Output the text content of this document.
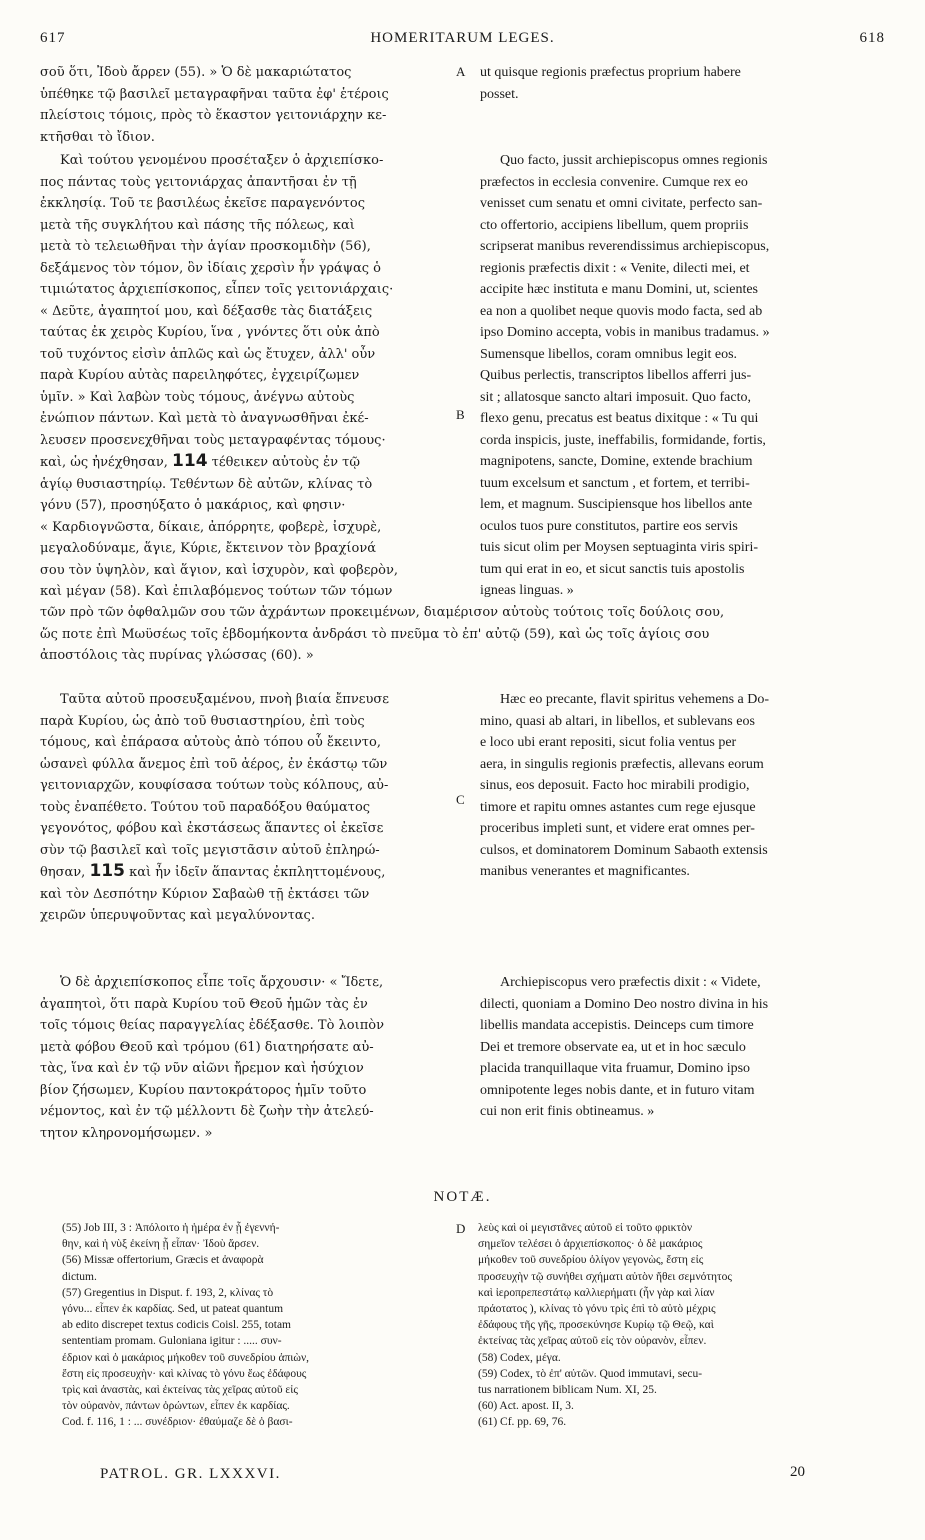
617	HOMERITARUM LEGES.	618
A
B
C
D
σοῦ ὅτι, Ἰδοὺ ἄρρεν (55). » Ὁ δὲ μακαριώτατος
ὑπέθηκε τῷ βασιλεῖ μεταγραφῆναι ταῦτα ἐφ' ἑτέροις
πλείστοις τόμοις, πρὸς τὸ ἕκαστον γειτονιάρχην κε-
κτῆσθαι τὸ ἴδιον.
ut quisque regionis præfectus proprium habere
posset.
Καὶ τούτου γενομένου προσέταξεν ὁ ἀρχιεπίσκο-
πος πάντας τοὺς γειτονιάρχας ἀπαντῆσαι ἐν τῇ
ἐκκλησίᾳ. Τοῦ τε βασιλέως ἐκεῖσε παραγενόντος
μετὰ τῆς συγκλήτου καὶ πάσης τῆς πόλεως, καὶ
μετὰ τὸ τελειωθῆναι τὴν ἁγίαν προσκομιδὴν (56),
δεξάμενος τὸν τόμον, ὃν ἰδίαις χερσὶν ἦν γράψας ὁ
τιμιώτατος ἀρχιεπίσκοπος, εἶπεν τοῖς γειτονιάρχαις·
« Δεῦτε, ἀγαπητοί μου, καὶ δέξασθε τὰς διατάξεις
ταύτας ἐκ χειρὸς Κυρίου, ἵνα , γνόντες ὅτι οὐκ ἀπὸ
τοῦ τυχόντος εἰσὶν ἁπλῶς καὶ ὡς ἔτυχεν, ἀλλ' οὖν
παρὰ Κυρίου αὐτὰς παρειληφότες, ἐγχειρίζωμεν
ὑμῖν. » Καὶ λαβὼν τοὺς τόμους, ἀνέγνω αὐτοὺς
ἐνώπιον πάντων. Καὶ μετὰ τὸ ἀναγνωσθῆναι ἐκέ-
λευσεν προσενεχθῆναι τοὺς μεταγραφέντας τόμους·
καὶ, ὡς ἠνέχθησαν, 114 τέθεικεν αὐτοὺς ἐν τῷ
ἁγίῳ θυσιαστηρίῳ. Τεθέντων δὲ αὐτῶν, κλίνας τὸ
γόνυ (57), προσηύξατο ὁ μακάριος, καὶ φησιν·
« Καρδιογνῶστα, δίκαιε, ἀπόρρητε, φοβερὲ, ἰσχυρὲ,
μεγαλοδύναμε, ἅγιε, Κύριε, ἔκτεινον τὸν βραχίονά
σου τὸν ὑψηλὸν, καὶ ἅγιον, καὶ ἰσχυρὸν, καὶ φοβερὸν,
καὶ μέγαν (58). Καὶ ἐπιλαβόμενος τούτων τῶν τόμων
Quo facto, jussit archiepiscopus omnes regionis
præfectos in ecclesia convenire. Cumque rex eo
venisset cum senatu et omni civitate, perfecto san-
cto offertorio, accipiens libellum, quem propriis
scripserat manibus reverendissimus archiepiscopus,
regionis præfectis dixit : « Venite, dilecti mei, et
accipite hæc instituta e manu Domini, ut, scientes
ea non a quolibet neque quovis modo facta, sed ab
ipso Domino accepta, vobis in manibus tradamus. »
Sumensque libellos, coram omnibus legit eos.
Quibus perlectis, transcriptos libellos afferri jus-
sit ; allatosque sancto altari imposuit. Quo facto,
flexo genu, precatus est beatus dixitque : « Tu qui
corda inspicis, juste, ineffabilis, formidande, fortis,
magnipotens, sancte, Domine, extende brachium
tuum excelsum et sanctum , et fortem, et terribi-
lem, et magnum. Suscipiensque hos libellos ante
oculos tuos pure constitutos, partire eos servis
tuis sicut olim per Moysen septuaginta viris spiri-
tum qui erat in eo, et sicut sanctis tuis apostolis
igneas linguas. »
τῶν πρὸ τῶν ὀφθαλμῶν σου τῶν ἀχράντων προκειμένων, διαμέρισον αὐτοὺς τούτοις τοῖς δούλοις σου,
ὥς ποτε ἐπὶ Μωϋσέως τοῖς ἑβδομήκοντα ἀνδράσι τὸ πνεῦμα τὸ ἐπ' αὐτῷ (59), καὶ ὡς τοῖς ἁγίοις σου
ἀποστόλοις τὰς πυρίνας γλώσσας (60). »
Ταῦτα αὐτοῦ προσευξαμένου, πνοὴ βιαία ἔπνευσε
παρὰ Κυρίου, ὡς ἀπὸ τοῦ θυσιαστηρίου, ἐπὶ τοὺς
τόμους, καὶ ἐπάρασα αὐτοὺς ἀπὸ τόπου οὗ ἔκειντο,
ὡσανεὶ φύλλα ἄνεμος ἐπὶ τοῦ ἀέρος, ἐν ἑκάστῳ τῶν
γειτονιαρχῶν, κουφίσασα τούτων τοὺς κόλπους, αὐ-
τοὺς ἐναπέθετο. Τούτου τοῦ παραδόξου θαύματος
γεγονότος, φόβου καὶ ἐκστάσεως ἅπαντες οἱ ἐκεῖσε
σὺν τῷ βασιλεῖ καὶ τοῖς μεγιστᾶσιν αὐτοῦ ἐπληρώ-
θησαν, 115 καὶ ἦν ἰδεῖν ἅπαντας ἐκπληττομένους,
καὶ τὸν Δεσπότην Κύριον Σαβαὼθ τῇ ἐκτάσει τῶν
χειρῶν ὑπερυψοῦντας καὶ μεγαλύνοντας.
Hæc eo precante, flavit spiritus vehemens a Do-
mino, quasi ab altari, in libellos, et sublevans eos
e loco ubi erant repositi, sicut folia ventus per
aera, in singulis regionis præfectis, allevans eorum
sinus, eos deposuit. Facto hoc mirabili prodigio,
timore et rapitu omnes astantes cum rege ejusque
proceribus impleti sunt, et videre erat omnes per-
culsos, et dominatorem Dominum Sabaoth extensis
manibus venerantes et magnificantes.
Ὁ δὲ ἀρχιεπίσκοπος εἶπε τοῖς ἄρχουσιν· « Ἴδετε,
ἀγαπητοὶ, ὅτι παρὰ Κυρίου τοῦ Θεοῦ ἡμῶν τὰς ἐν
τοῖς τόμοις θείας παραγγελίας ἐδέξασθε. Τὸ λοιπὸν
μετὰ φόβου Θεοῦ καὶ τρόμου (61) διατηρήσατε αὐ-
τὰς, ἵνα καὶ ἐν τῷ νῦν αἰῶνι ἤρεμον καὶ ἡσύχιον
βίον ζήσωμεν, Κυρίου παντοκράτορος ἡμῖν τοῦτο
νέμοντος, καὶ ἐν τῷ μέλλοντι δὲ ζωὴν τὴν ἀτελεύ-
τητον κληρονομήσωμεν. »
Archiepiscopus vero præfectis dixit : « Videte,
dilecti, quoniam a Domino Deo nostro divina in his
libellis mandata accepistis. Deinceps cum timore
Dei et tremore observate ea, ut et in hoc sæculo
placida tranquillaque vita fruamur, Domino ipso
omnipotente leges nobis dante, et in futuro vitam
cui non erit finis obtineamus. »
NOTÆ.
(55) Job III, 3 : Ἀπόλοιτο ἡ ἡμέρα ἐν ᾗ ἐγεννή-
θην, καὶ ἡ νὺξ ἐκείνη ᾗ εἶπαν· Ἰδοὺ ἄρσεν.
(56) Missæ offertorium, Græcis et ἀναφορὰ
dictum.
(57) Gregentius in Disput. f. 193, 2, κλίνας τὸ
γόνυ... εἶπεν ἐκ καρδίας. Sed, ut pateat quantum
ab edito discrepet textus codicis Coisl. 255, totam
sententiam promam. Guloniana igitur : ..... συν-
έδριον καὶ ὁ μακάριος μήκοθεν τοῦ συνεδρίου ἀπιὼν,
ἔστη εἰς προσευχὴν· καὶ κλίνας τὸ γόνυ ἕως ἐδάφους
τρὶς καὶ ἀναστὰς, καὶ ἐκτείνας τὰς χεῖρας αὐτοῦ εἰς
τὸν οὐρανὸν, πάντων ὁρώντων, εἶπεν ἐκ καρδίας.
Cod. f. 116, 1 : ... συνέδριον· ἐθαύμαζε δὲ ὁ βασι-
λεὺς καὶ οἱ μεγιστᾶνες αὐτοῦ εἰ τοῦτο φρικτὸν
σημεῖον τελέσει ὁ ἀρχιεπίσκοπος· ὁ δὲ μακάριος
μήκοθεν τοῦ συνεδρίου ὀλίγον γεγονὼς, ἔστη εἰς
προσευχὴν τῷ συνήθει σχήματι αὐτὸν ἤθει σεμνότητος
καὶ ἱεροπρεπεστάτῳ καλλιερήματι (ἦν γὰρ καὶ λίαν
πράοτατος ), κλίνας τὸ γόνυ τρὶς ἐπὶ τὸ αὐτὸ μέχρις
ἐδάφους τῆς γῆς, προσεκύνησε Κυρίῳ τῷ Θεῷ, καὶ
ἐκτείνας τὰς χεῖρας αὐτοῦ εἰς τὸν οὐρανὸν, εἶπεν.
(58) Codex, μέγα.
(59) Codex, τὸ ἐπ' αὐτῶν. Quod immutavi, secu-
tus narrationem biblicam Num. XI, 25.
(60) Act. apost. II, 3.
(61) Cf. pp. 69, 76.
PATROL. GR. LXXXVI.	20
